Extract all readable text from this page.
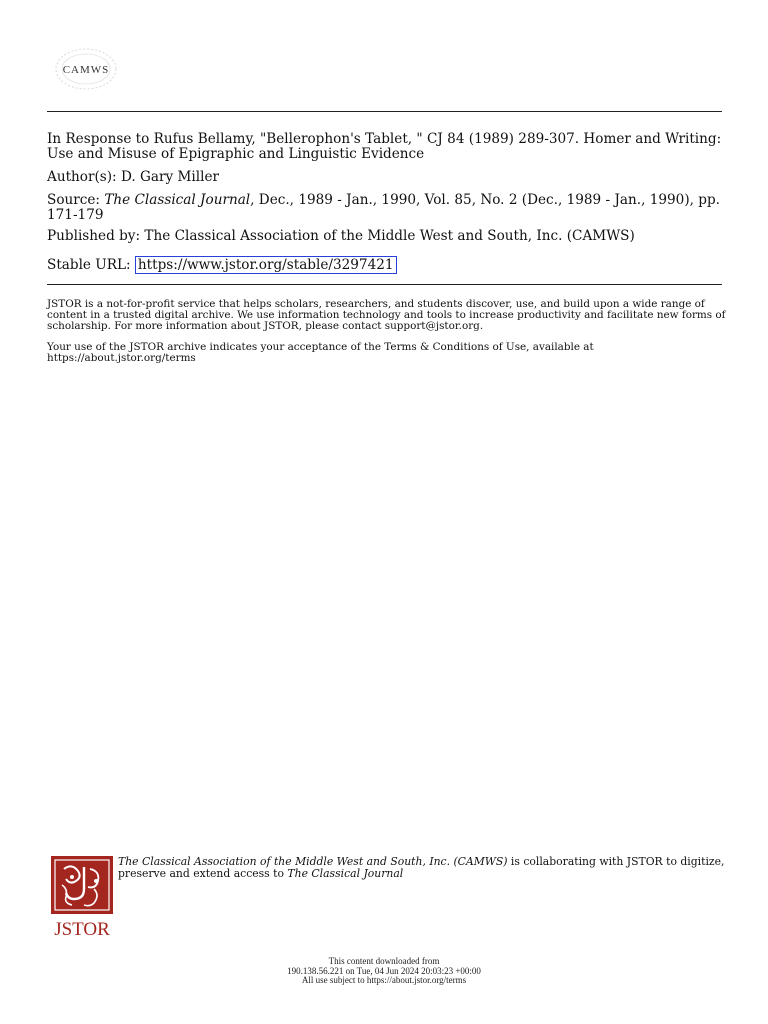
CAMWS
In Response to Rufus Bellamy, "Bellerophon's Tablet, " CJ 84 (1989) 289-307. Homer and Writing: Use and Misuse of Epigraphic and Linguistic Evidence
Author(s): D. Gary Miller
Source: The Classical Journal, Dec., 1989 - Jan., 1990, Vol. 85, No. 2 (Dec., 1989 - Jan., 1990), pp. 171-179
Published by: The Classical Association of the Middle West and South, Inc. (CAMWS)
Stable URL: https://www.jstor.org/stable/3297421
JSTOR is a not-for-profit service that helps scholars, researchers, and students discover, use, and build upon a wide range of content in a trusted digital archive. We use information technology and tools to increase productivity and facilitate new forms of scholarship. For more information about JSTOR, please contact support@jstor.org.
Your use of the JSTOR archive indicates your acceptance of the Terms & Conditions of Use, available at https://about.jstor.org/terms
JSTOR
The Classical Association of the Middle West and South, Inc. (CAMWS) is collaborating with JSTOR to digitize, preserve and extend access to The Classical Journal
This content downloaded from
190.138.56.221 on Tue, 04 Jun 2024 20:03:23 +00:00
All use subject to https://about.jstor.org/terms
